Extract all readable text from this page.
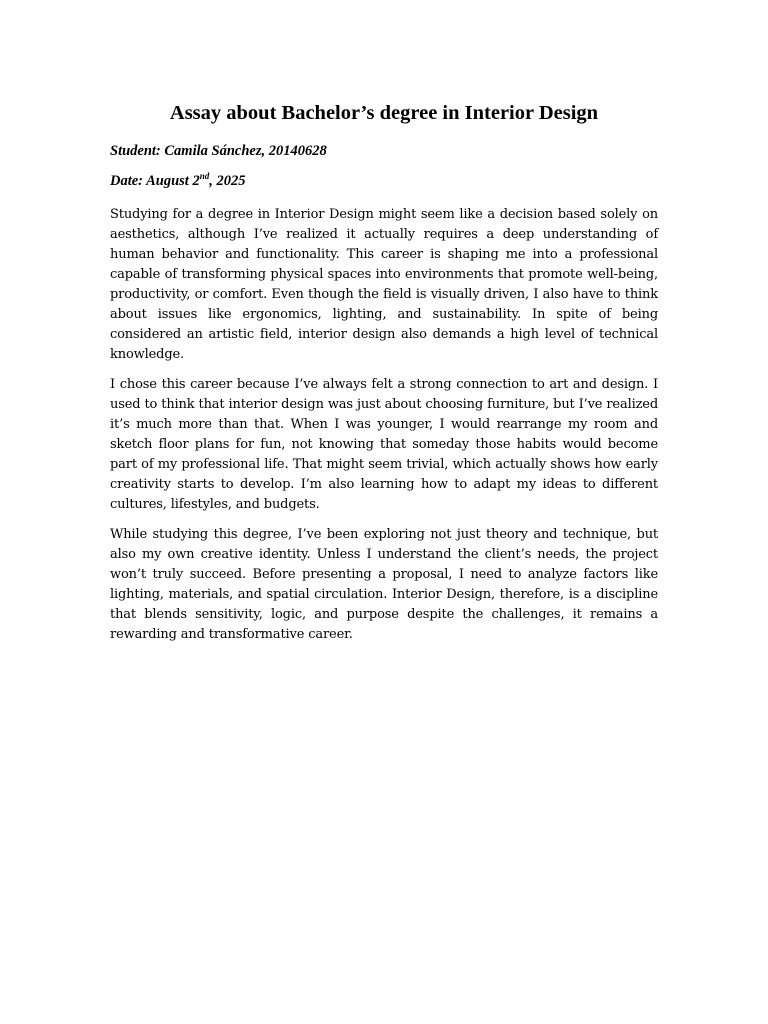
Assay about Bachelor’s degree in Interior Design

Student: Camila Sánchez, 20140628

Date: August 2nd, 2025

Studying for a degree in Interior Design might seem like a decision based solely on aesthetics, although I’ve realized it actually requires a deep understanding of human behavior and functionality. This career is shaping me into a professional capable of transforming physical spaces into environments that promote well-being, productivity, or comfort. Even though the field is visually driven, I also have to think about issues like ergonomics, lighting, and sustainability. In spite of being considered an artistic field, interior design also demands a high level of technical knowledge.

I chose this career because I’ve always felt a strong connection to art and design. I used to think that interior design was just about choosing furniture, but I’ve realized it’s much more than that. When I was younger, I would rearrange my room and sketch floor plans for fun, not knowing that someday those habits would become part of my professional life. That might seem trivial, which actually shows how early creativity starts to develop. I’m also learning how to adapt my ideas to different cultures, lifestyles, and budgets.

While studying this degree, I’ve been exploring not just theory and technique, but also my own creative identity. Unless I understand the client’s needs, the project won’t truly succeed. Before presenting a proposal, I need to analyze factors like lighting, materials, and spatial circulation. Interior Design, therefore, is a discipline that blends sensitivity, logic, and purpose despite the challenges, it remains a rewarding and transformative career.
